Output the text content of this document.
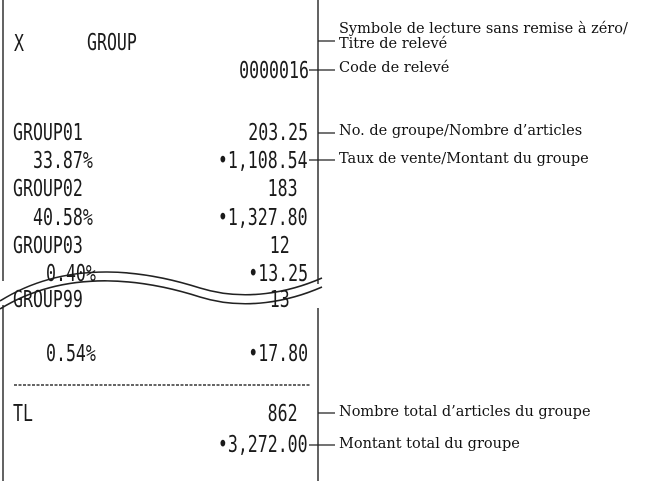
X	GROUP
0000016
GROUP01	203.25
33.87%	•1,108.54
GROUP02	183
40.58%	•1,327.80
GROUP03	12
0.40%	•13.25
GROUP99	13
0.54%	•17.80
TL	862
•3,272.00
Symbole de lecture sans remise à zéro/
Titre de relevé
Code de relevé
No. de groupe/Nombre d’articles
Taux de vente/Montant du groupe
Nombre total d’articles du groupe
Montant total du groupe
